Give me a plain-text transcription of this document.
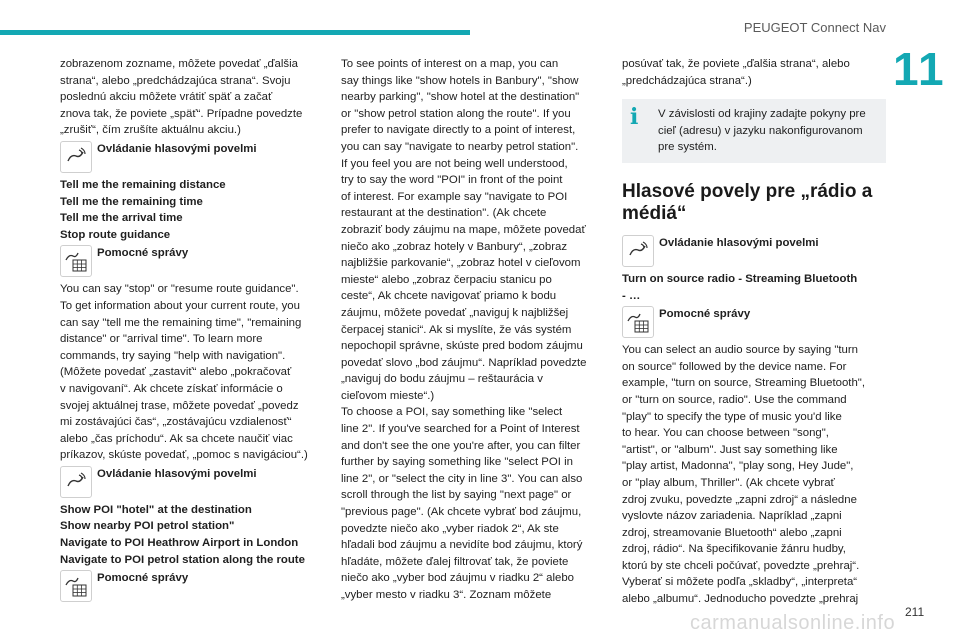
PEUGEOT Connect Nav
11

zobrazenom zozname, môžete povedať „ďalšia
strana“, alebo „predchádzajúca strana“. Svoju
poslednú akciu môžete vrátiť späť a začať
znova tak, že poviete „späť“. Prípadne povedzte
„zrušiť“, čím zrušíte aktuálnu akciu.)

Ovládanie hlasovými povelmi

Tell me the remaining distance
Tell me the remaining time
Tell me the arrival time
Stop route guidance

Pomocné správy

You can say "stop" or "resume route guidance".
To get information about your current route, you
can say "tell me the remaining time", "remaining
distance" or "arrival time". To learn more
commands, try saying "help with navigation".
(Môžete povedať „zastaviť“ alebo „pokračovať
v navigovaní“. Ak chcete získať informácie o
svojej aktuálnej trase, môžete povedať „povedz
mi zostávajúci čas“, „zostávajúcu vzdialenosť“
alebo „čas príchodu“. Ak sa chcete naučiť viac
príkazov, skúste povedať, „pomoc s navigáciou“.)

Ovládanie hlasovými povelmi

Show POI "hotel" at the destination
Show nearby POI petrol station"
Navigate to POI Heathrow Airport in London
Navigate to POI petrol station along the route

Pomocné správy

To see points of interest on a map, you can
say things like "show hotels in Banbury", "show
nearby parking", "show hotel at the destination"
or "show petrol station along the route". If you
prefer to navigate directly to a point of interest,
you can say "navigate to nearby petrol station".
If you feel you are not being well understood,
try to say the word "POI" in front of the point
of interest. For example say "navigate to POI
restaurant at the destination". (Ak chcete
zobraziť body záujmu na mape, môžete povedať
niečo ako „zobraz hotely v Banbury“, „zobraz
najbližšie parkovanie“, „zobraz hotel v cieľovom
mieste“ alebo „zobraz čerpaciu stanicu po
ceste“, Ak chcete navigovať priamo k bodu
záujmu, môžete povedať „naviguj k najbližšej
čerpacej stanici“. Ak si myslíte, že vás systém
nepochopil správne, skúste pred bodom záujmu
povedať slovo „bod záujmu“. Napríklad povedzte
„naviguj do bodu záujmu – reštaurácia v
cieľovom mieste“.)
To choose a POI, say something like "select
line 2". If you've searched for a Point of Interest
and don't see the one you're after, you can filter
further by saying something like "select POI in
line 2", or "select the city in line 3". You can also
scroll through the list by saying "next page" or
"previous page". (Ak chcete vybrať bod záujmu,
povedzte niečo ako „vyber riadok 2“, Ak ste
hľadali bod záujmu a nevidíte bod záujmu, ktorý
hľadáte, môžete ďalej filtrovať tak, že poviete
niečo ako „vyber bod záujmu v riadku 2“ alebo
„vyber mesto v riadku 3“. Zoznam môžete

posúvať tak, že poviete „ďalšia strana“, alebo
„predchádzajúca strana“.)

i	V závislosti od krajiny zadajte pokyny pre
cieľ (adresu) v jazyku nakonfigurovanom
pre systém.

Hlasové povely pre „rádio a
médiá“
Ovládanie hlasovými povelmi

Turn on source radio - Streaming Bluetooth
- …

Pomocné správy

You can select an audio source by saying "turn
on source" followed by the device name. For
example, "turn on source, Streaming Bluetooth",
or "turn on source, radio". Use the command
"play" to specify the type of music you'd like
to hear. You can choose between "song",
"artist", or "album". Just say something like
"play artist, Madonna", "play song, Hey Jude",
or "play album, Thriller". (Ak chcete vybrať
zdroj zvuku, povedzte „zapni zdroj“ a následne
vyslovte názov zariadenia. Napríklad „zapni
zdroj, streamovanie Bluetooth“ alebo „zapni
zdroj, rádio“. Na špecifikovanie žánru hudby,
ktorú by ste chceli počúvať, povedzte „prehraj“.
Vyberať si môžete podľa „skladby“, „interpreta“
alebo „albumu“. Jednoducho povedzte „prehraj

carmanualsonline.info 211
